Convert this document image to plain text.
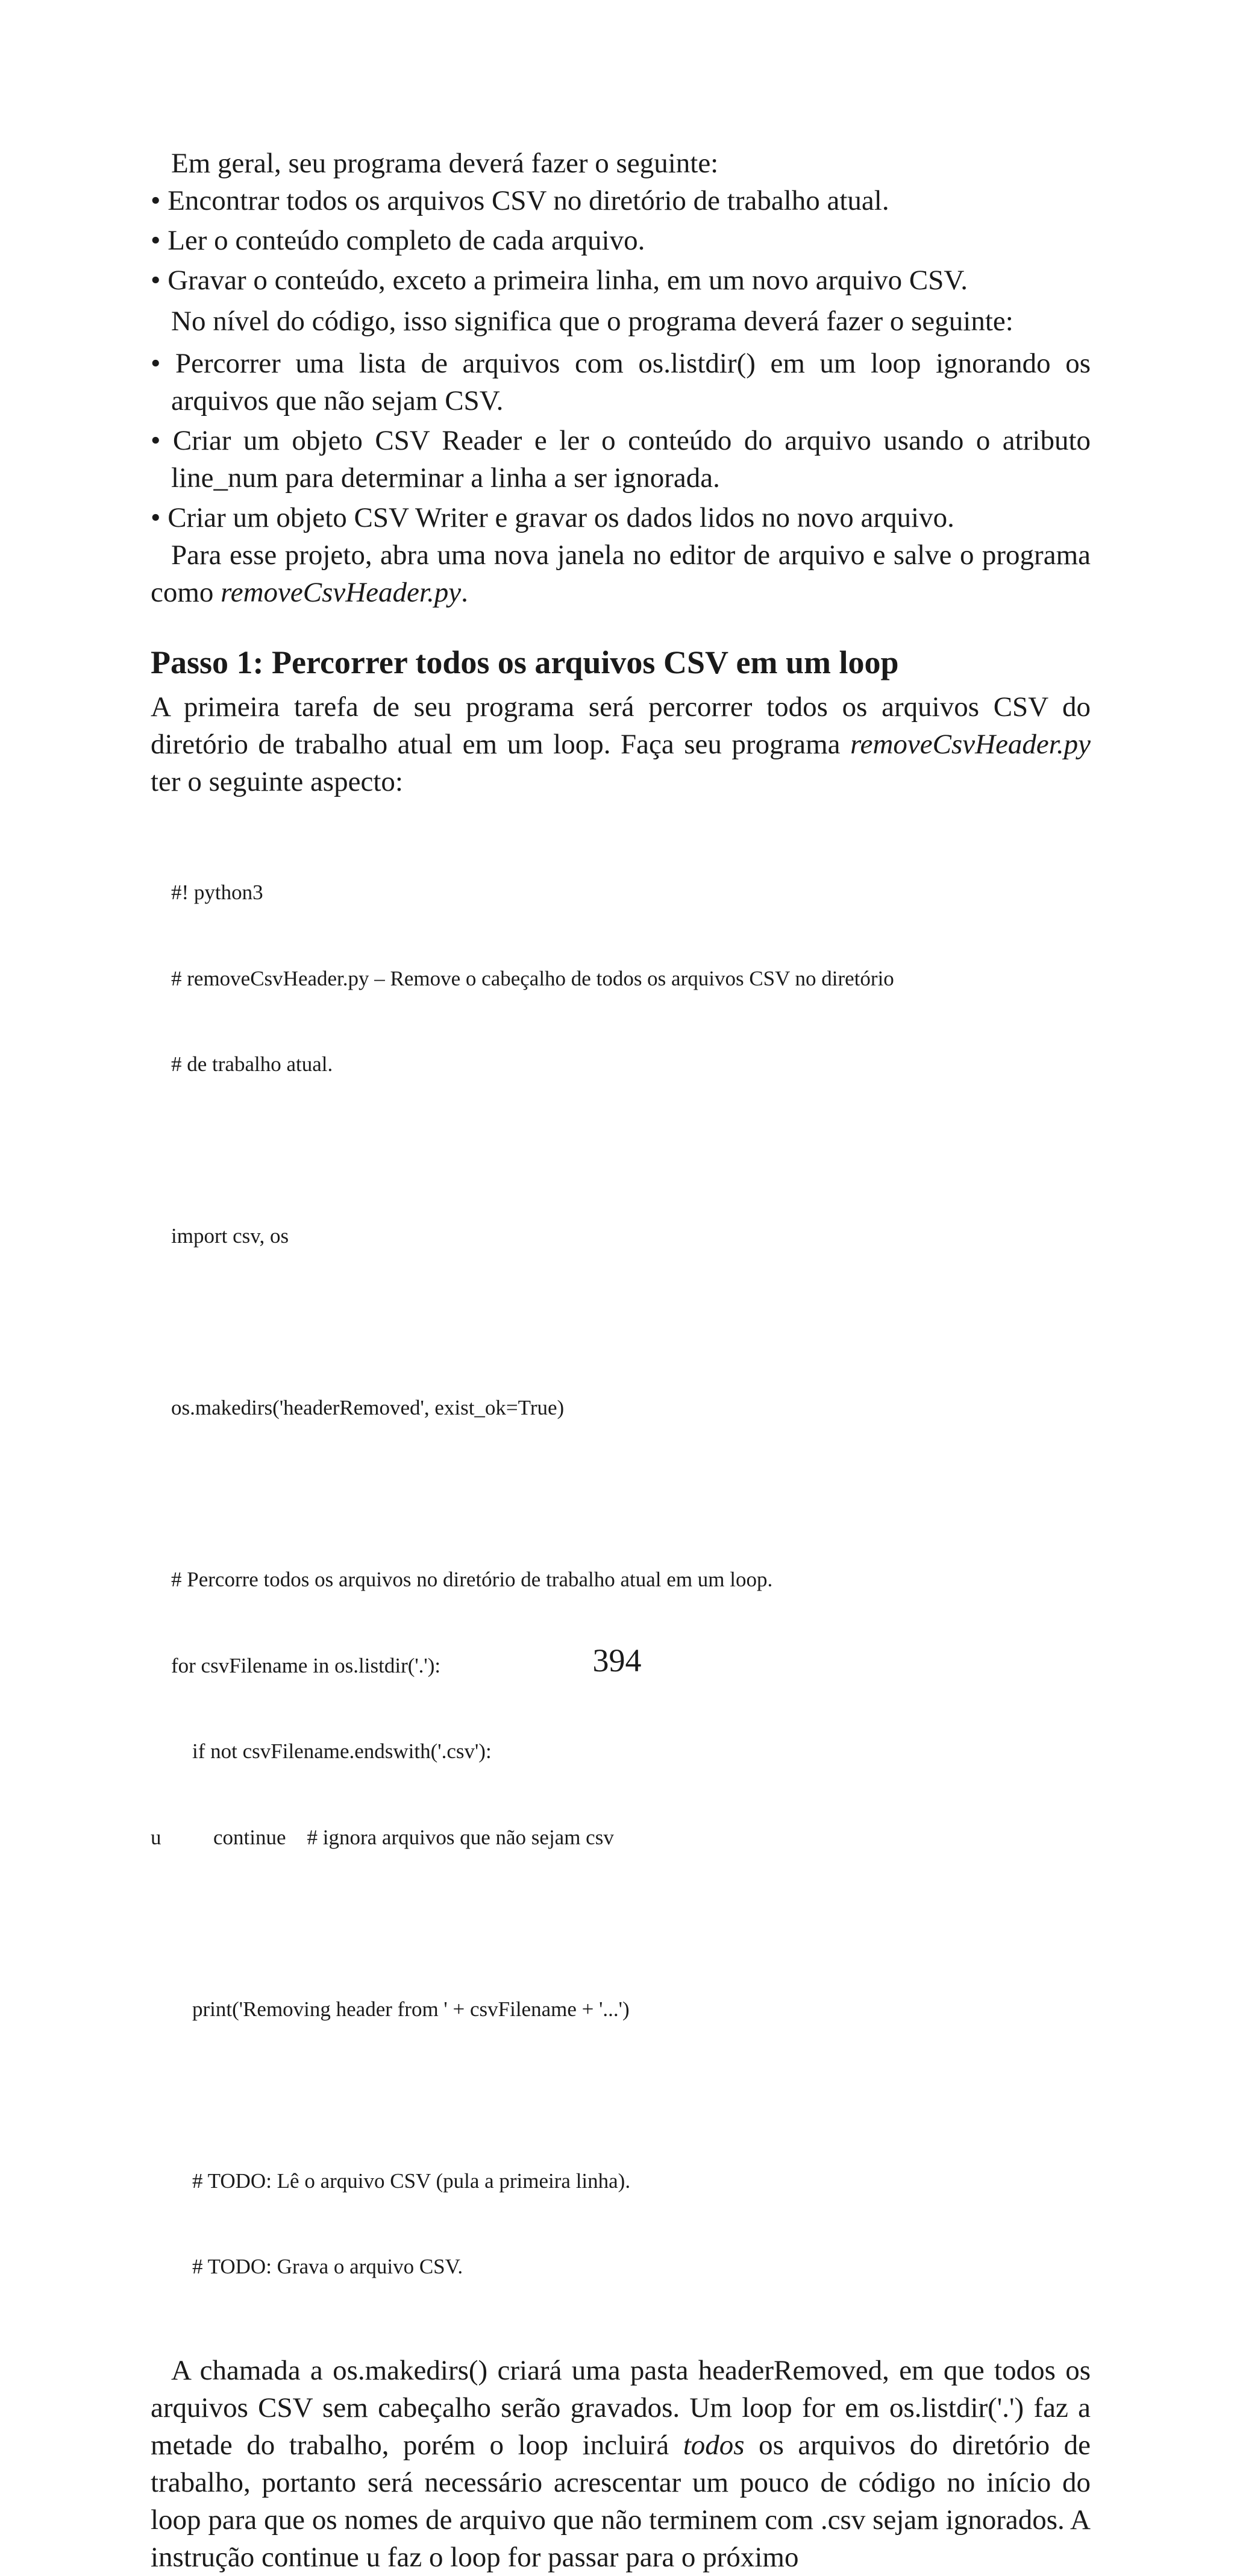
Em geral, seu programa deverá fazer o seguinte:

• Encontrar todos os arquivos CSV no diretório de trabalho atual.

• Ler o conteúdo completo de cada arquivo.

• Gravar o conteúdo, exceto a primeira linha, em um novo arquivo CSV.

No nível do código, isso significa que o programa deverá fazer o seguinte:

• Percorrer uma lista de arquivos com os.listdir() em um loop ignorando os arquivos que não sejam CSV.

• Criar um objeto CSV Reader e ler o conteúdo do arquivo usando o atributo line_num para determinar a linha a ser ignorada.

• Criar um objeto CSV Writer e gravar os dados lidos no novo arquivo.

Para esse projeto, abra uma nova janela no editor de arquivo e salve o programa como removeCsvHeader.py.

Passo 1: Percorrer todos os arquivos CSV em um loop

A primeira tarefa de seu programa será percorrer todos os arquivos CSV do diretório de trabalho atual em um loop. Faça seu programa removeCsvHeader.py ter o seguinte aspecto:

#! python3

# removeCsvHeader.py – Remove o cabeçalho de todos os arquivos CSV no diretório

# de trabalho atual.

import csv, os

os.makedirs('headerRemoved', exist_ok=True)

# Percorre todos os arquivos no diretório de trabalho atual em um loop.

for csvFilename in os.listdir('.'):

if not csvFilename.endswith('.csv'):

u continue    # ignora arquivos que não sejam csv

print('Removing header from ' + csvFilename + '...')

# TODO: Lê o arquivo CSV (pula a primeira linha).

# TODO: Grava o arquivo CSV.

A chamada a os.makedirs() criará uma pasta headerRemoved, em que todos os arquivos CSV sem cabeçalho serão gravados. Um loop for em os.listdir('.') faz a metade do trabalho, porém o loop incluirá todos os arquivos do diretório de trabalho, portanto será necessário acrescentar um pouco de código no início do loop para que os nomes de arquivo que não terminem com .csv sejam ignorados. A instrução continue u faz o loop for passar para o próximo

394
